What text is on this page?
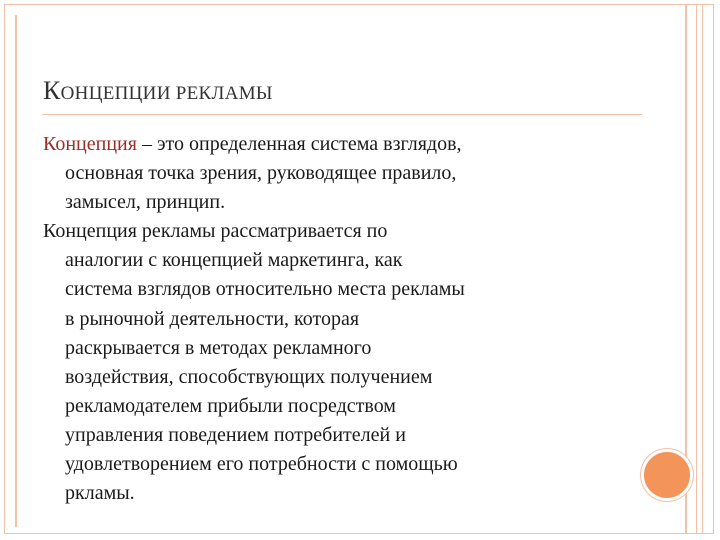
КОНЦЕПЦИИ РЕКЛАМЫ
Концепция – это определенная система взглядов,
основная точка зрения, руководящее правило,
замысел, принцип.
Концепция рекламы рассматривается по
аналогии с концепцией маркетинга, как
система взглядов относительно места рекламы
в рыночной деятельности, которая
раскрывается в методах рекламного
воздействия, способствующих получением
рекламодателем прибыли посредством
управления поведением потребителей и
удовлетворением его потребности с помощью
рклaмы.
